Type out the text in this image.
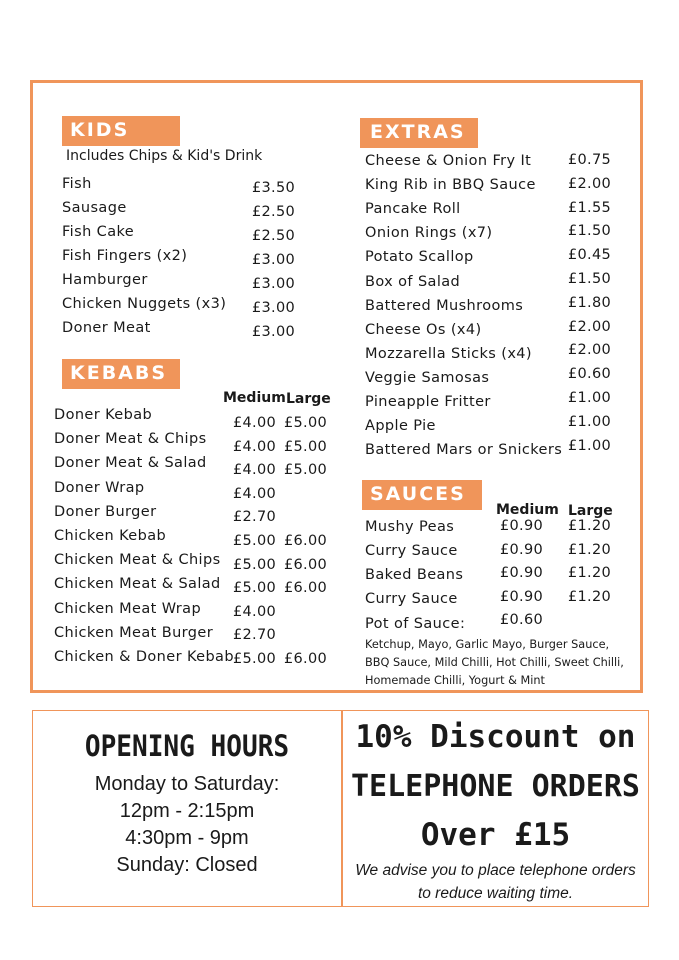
KIDS
Includes Chips & Kid's Drink
Fish	£3.50
Sausage	£2.50
Fish Cake	£2.50
Fish Fingers (x2)	£3.00
Hamburger	£3.00
Chicken Nuggets (x3) £3.00
Doner Meat	£3.00
KEBABS
Medium Large
Doner Kebab	£4.00 £5.00
Doner Meat & Chips £4.00 £5.00
Doner Meat & Salad £4.00 £5.00
Doner Wrap	£4.00
Doner Burger	£2.70
Chicken Kebab	£5.00 £6.00
Chicken Meat & Chips £5.00 £6.00
Chicken Meat & Salad £5.00 £6.00
Chicken Meat Wrap £4.00
Chicken Meat Burger £2.70
Chicken & Doner Kebab £5.00 £6.00
EXTRAS
Cheese & Onion Fry It	£0.75
King Rib in BBQ Sauce £2.00
Pancake Roll	£1.55
Onion Rings (x7)	£1.50
Potato Scallop	£0.45
Box of Salad	£1.50
Battered Mushrooms	£1.80
Cheese Os (x4)	£2.00
Mozzarella Sticks (x4) £2.00
Veggie Samosas	£0.60
Pineapple Fritter	£1.00
Apple Pie	£1.00
Battered Mars or Snickers £1.00
SAUCES
Medium Large
Mushy Peas	£0.90 £1.20
Curry Sauce	£0.90 £1.20
Baked Beans	£0.90 £1.20
Curry Sauce	£0.90 £1.20
Pot of Sauce: £0.60
Ketchup, Mayo, Garlic Mayo, Burger Sauce,
BBQ Sauce, Mild Chilli, Hot Chilli, Sweet Chilli,
Homemade Chilli, Yogurt & Mint
OPENING HOURS
Monday to Saturday:
12pm - 2:15pm
4:30pm - 9pm
Sunday: Closed
10% Discount on
TELEPHONE ORDERS
Over £15
We advise you to place telephone orders
to reduce waiting time.
